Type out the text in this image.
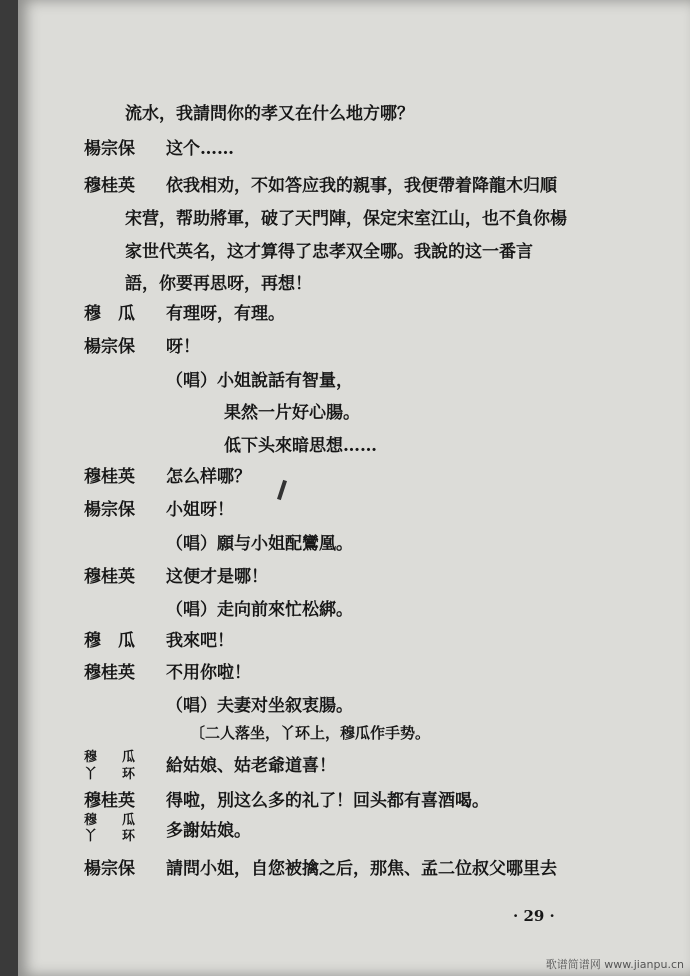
流水，我請問你的孝又在什么地方哪？
楊宗保 这个……
穆桂英 依我相劝，不如答应我的親事，我便帶着降龍木归順
宋营，帮助將軍，破了天門陣，保定宋室江山，也不負你楊
家世代英名，这才算得了忠孝双全哪。我說的这一番言
語，你要再思呀，再想！
穆　瓜 有理呀，有理。
楊宗保 呀！
（唱）小姐說話有智量，
果然一片好心腸。
低下头來暗思想……
穆桂英 怎么样哪？
楊宗保 小姐呀！
（唱）願与小姐配鸞凰。
穆桂英 这便才是哪！
（唱）走向前來忙松綁。
穆　瓜 我來吧！
穆桂英 不用你啦！
（唱）夫妻对坐叙衷腸。
〔二人落坐，丫环上，穆瓜作手势。
穆　瓜
丫　环 給姑娘、姑老爺道喜！
穆桂英 得啦，別这么多的礼了！回头都有喜酒喝。
穆　瓜
丫　环 多謝姑娘。
楊宗保 請問小姐，自您被擒之后，那焦、孟二位叔父哪里去
· 29 ·
歌谱简谱网 www.jianpu.cn
